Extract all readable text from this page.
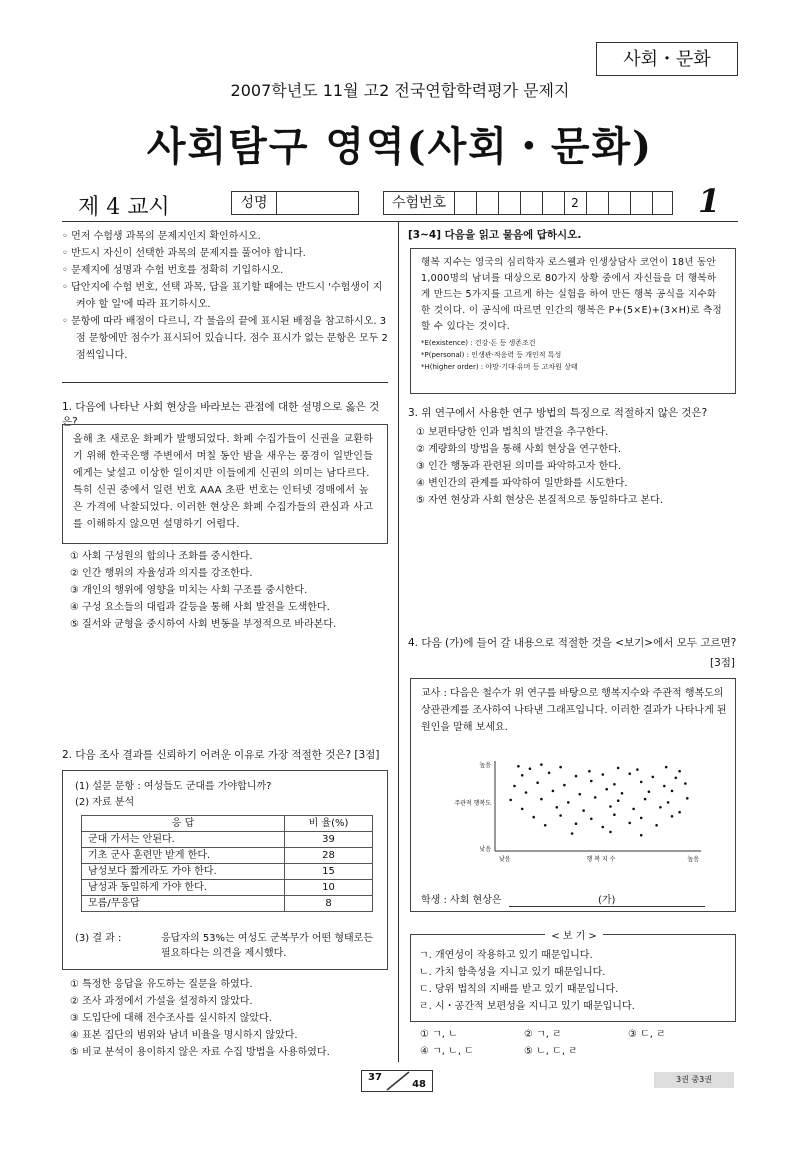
사회・문화
2007학년도 11월 고2 전국연합학력평가 문제지
사회탐구 영역(사회・문화)
제 4 교시	성명	수험번호	2	1

◦ 먼저 수험생 과목의 문제지인지 확인하시오.

◦ 반드시 자신이 선택한 과목의 문제지를 풀어야 합니다.

◦ 문제지에 성명과 수험 번호를 정확히 기입하시오.

◦ 답안지에 수험 번호, 선택 과목, 답을 표기할 때에는 반드시 '수험생이 지켜야 할 일'에 따라 표기하시오.

◦ 문항에 따라 배점이 다르니, 각 물음의 끝에 표시된 배점을 참고하시오. 3점 문항에만 점수가 표시되어 있습니다. 점수 표시가 없는 문항은 모두 2점씩입니다.

1. 다음에 나타난 사회 현상을 바라보는 관점에 대한 설명으로 옳은 것은?
올해 초 새로운 화폐가 발행되었다. 화폐 수집가들이 신권을 교환하기 위해 한국은행 주변에서 며칠 동안 밤을 새우는 풍경이 일반인들에게는 낯설고 이상한 일이지만 이들에게 신권의 의미는 남다르다. 특히 신권 중에서 일련 번호 AAA 초판 번호는 인터넷 경매에서 높은 가격에 낙찰되었다. 이러한 현상은 화폐 수집가들의 관심과 사고를 이해하지 않으면 설명하기 어렵다.
① 사회 구성원의 합의나 조화를 중시한다.
② 인간 행위의 자율성과 의지를 강조한다.
③ 개인의 행위에 영향을 미치는 사회 구조를 중시한다.
④ 구성 요소들의 대립과 갈등을 통해 사회 발전을 도색한다.
⑤ 질서와 균형을 중시하여 사회 변동을 부정적으로 바라본다.
2. 다음 조사 결과를 신뢰하기 어려운 이유로 가장 적절한 것은? [3점]
(1) 설문 문항 : 여성들도 군대를 가야합니까?
(2) 자료 분석
응 답	비 율(%)
군대 가서는 안된다.	39
기초 군사 훈련만 받게 한다.	28
남성보다 짧게라도 가야 한다.	15
남성과 동일하게 가야 한다.	10
모름/무응답	8
(3) 결 과 :	응답자의 53%는 여성도 군복무가 어떤 형태로든 필요하다는 의견을 제시했다.
① 특정한 응답을 유도하는 질문을 하였다.
② 조사 과정에서 가설을 설정하지 않았다.
③ 도입단에 대해 전수조사를 실시하지 않았다.
④ 표본 집단의 범위와 남녀 비율을 명시하지 않았다.
⑤ 비교 분석이 용이하지 않은 자료 수집 방법을 사용하였다.
[3~4] 다음을 읽고 물음에 답하시오.
행복 지수는 영국의 심리학자 로스웰과 인생상담사 코언이 18년 동안 1,000명의 남녀를 대상으로 80가지 상황 중에서 자신들을 더 행복하게 만드는 5가지를 고르게 하는 실험을 하여 만든 행복 공식을 지수화 한 것이다. 이 공식에 따르면 인간의 행복은 P+(5×E)+(3×H)로 측정할 수 있다는 것이다.
*E(existence) : 건강·돈 등 생존조건
*P(personal) : 인생관·적응력 등 개인적 특성
*H(higher order) : 야망·기대·유머 등 고차원 상태
3. 위 연구에서 사용한 연구 방법의 특징으로 적절하지 않은 것은?
① 보편타당한 인과 법칙의 발견을 추구한다.
② 계량화의 방법을 통해 사회 현상을 연구한다.
③ 인간 행동과 관련된 의미를 파악하고자 한다.
④ 변인간의 관계를 파악하여 일반화를 시도한다.
⑤ 자연 현상과 사회 현상은 본질적으로 동일하다고 본다.
4. 다음 (가)에 들어 갈 내용으로 적절한 것을 <보기>에서 모두 고르면?
[3점]
교사 : 다음은 철수가 위 연구를 바탕으로 행복지수와 주관적 행복도의 상관관계를 조사하여 나타낸 그래프입니다. 이러한 결과가 나타나게 된 원인을 말해 보세요.
높음
낮음
주관적 행복도
낮음	행 복 지 수	높음
학생 : 사회 현상은	(가)
< 보 기 >
ㄱ. 개연성이 작용하고 있기 때문입니다.
ㄴ. 가치 함축성을 지니고 있기 때문입니다.
ㄷ. 당위 법칙의 지배를 받고 있기 때문입니다.
ㄹ. 시・공간적 보편성을 지니고 있기 때문입니다.
① ㄱ, ㄴ	② ㄱ, ㄹ	③ ㄷ, ㄹ
④ ㄱ, ㄴ, ㄷ	⑤ ㄴ, ㄷ, ㄹ
37
48	3권 중3권
